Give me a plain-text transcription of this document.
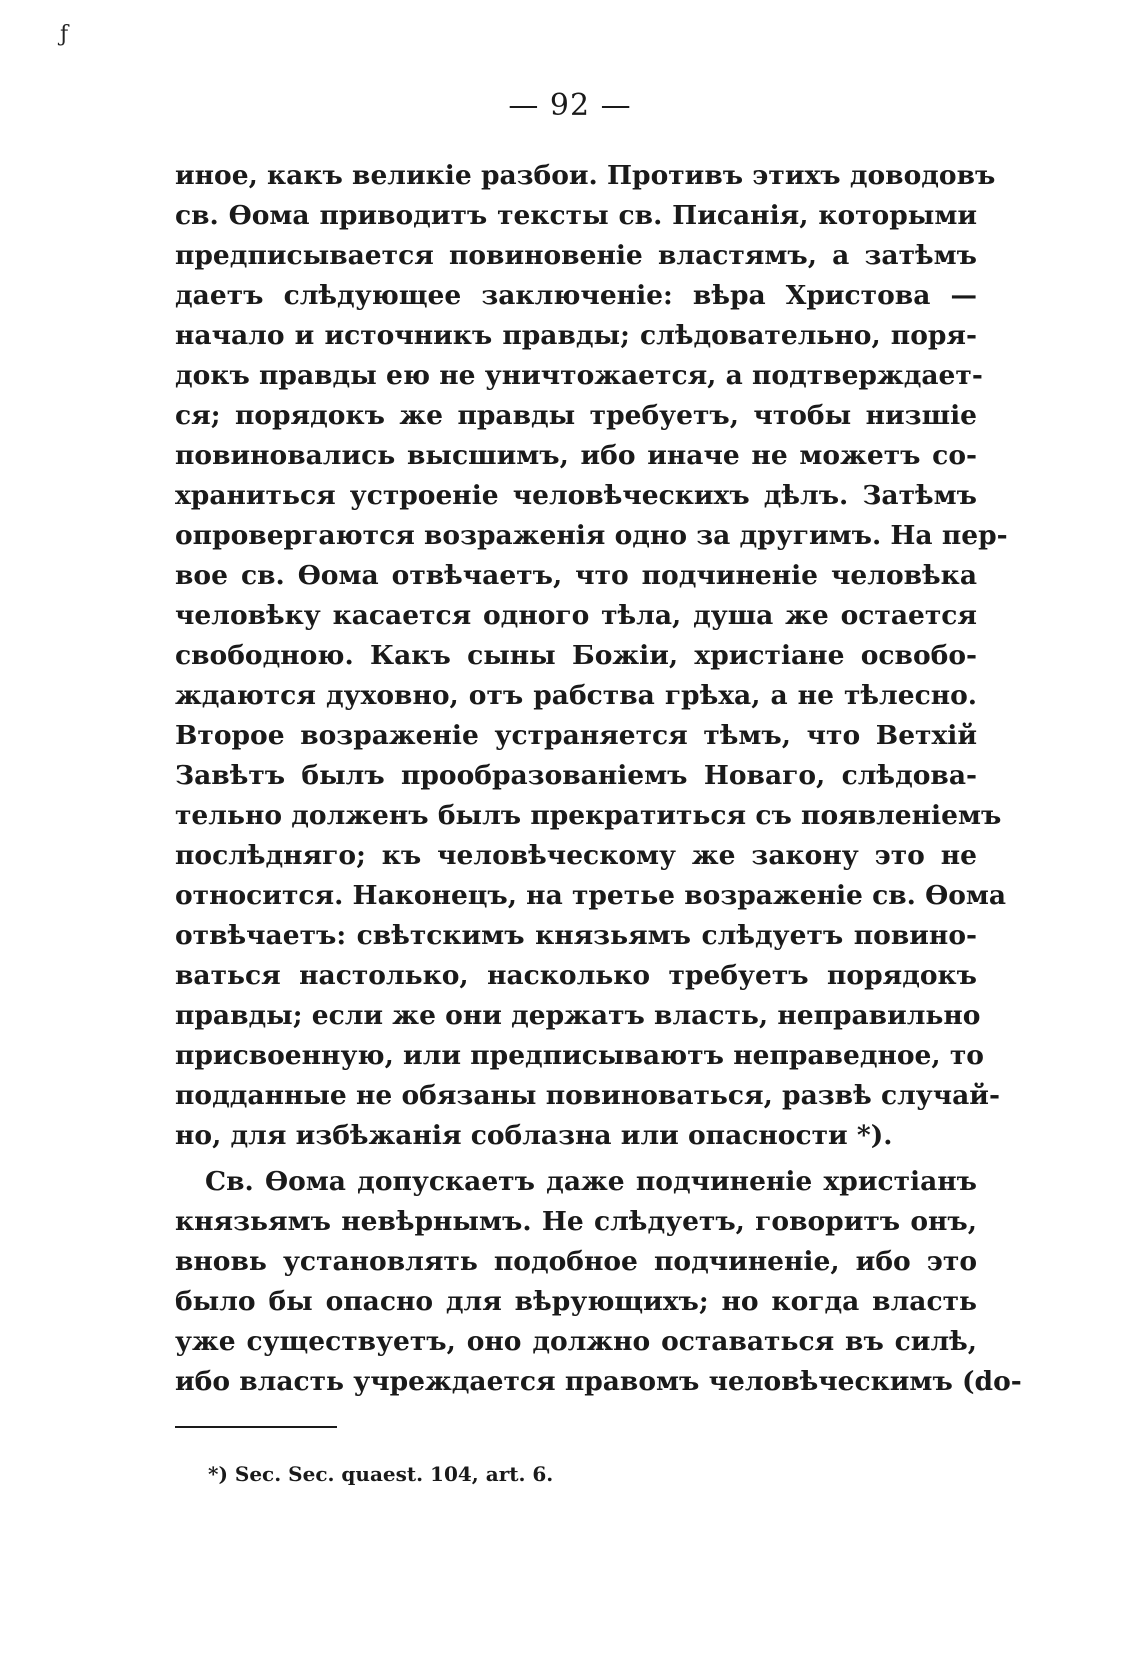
ƒ
— 92 —
иное, какъ великіе разбои. Противъ этихъ доводовъ
св. Ѳома приводитъ тексты св. Писанія, которыми
предписывается повиновеніе властямъ, а затѣмъ
даетъ слѣдующее заключеніе: вѣра Христова —
начало и источникъ правды; слѣдовательно, поря-
докъ правды ею не уничтожается, а подтверждает-
ся; порядокъ же правды требуетъ, чтобы низшіе
повиновались высшимъ, ибо иначе не можетъ со-
храниться устроеніе человѣческихъ дѣлъ. Затѣмъ
опровергаются возраженія одно за другимъ. На пер-
вое св. Ѳома отвѣчаетъ, что подчиненіе человѣка
человѣку касается одного тѣла, душа же остается
свободною. Какъ сыны Божіи, христіане освобо-
ждаются духовно, отъ рабства грѣха, а не тѣлесно.
Второе возраженіе устраняется тѣмъ, что Ветхій
Завѣтъ былъ прообразованіемъ Новаго, слѣдова-
тельно долженъ былъ прекратиться съ появленіемъ
послѣдняго; къ человѣческому же закону это не
относится. Наконецъ, на третье возраженіе св. Ѳома
отвѣчаетъ: свѣтскимъ князьямъ слѣдуетъ повино-
ваться настолько, насколько требуетъ порядокъ
правды; если же они держатъ власть, неправильно
присвоенную, или предписываютъ неправедное, то
подданные не обязаны повиноваться, развѣ случай-
но, для избѣжанія соблазна или опасности *).
Св. Ѳома допускаетъ даже подчиненіе христіанъ
князьямъ невѣрнымъ. Не слѣдуетъ, говоритъ онъ,
вновь установлять подобное подчиненіе, ибо это
было бы опасно для вѣрующихъ; но когда власть
уже существуетъ, оно должно оставаться въ силѣ,
ибо власть учреждается правомъ человѣческимъ (do-
*) Sec. Sec. quaest. 104, art. 6.
